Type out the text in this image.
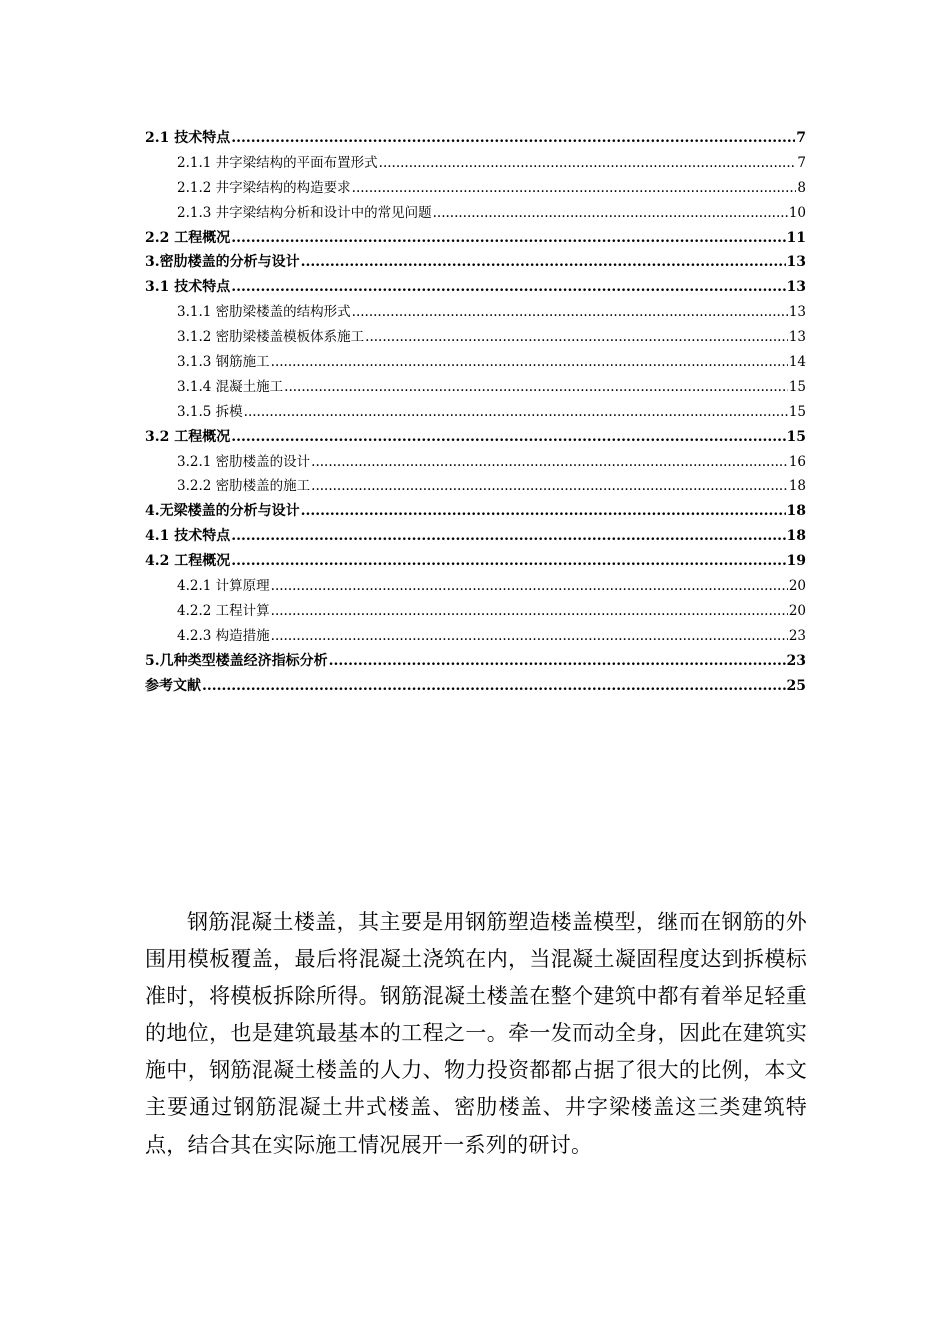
2.1 技术特点 .....	7
2.1.1 井字梁结构的平面布置形式 .....	7
2.1.2 井字梁结构的构造要求 .....	8
2.1.3 井字梁结构分析和设计中的常见问题 .....	10
2.2 工程概况 .....	11
3.密肋楼盖的分析与设计 .....	13
3.1 技术特点 .....	13
3.1.1 密肋梁楼盖的结构形式 .....	13
3.1.2 密肋梁楼盖模板体系施工 .....	13
3.1.3 钢筋施工 .....	14
3.1.4 混凝土施工 .....	15
3.1.5 拆模 .....	15
3.2 工程概况 .....	15
3.2.1 密肋楼盖的设计 .....	16
3.2.2 密肋楼盖的施工 .....	18
4.无梁楼盖的分析与设计 .....	18
4.1 技术特点 .....	18
4.2 工程概况 .....	19
4.2.1 计算原理 .....	20
4.2.2 工程计算 .....	20
4.2.3 构造措施 .....	23
5.几种类型楼盖经济指标分析 .....	23
参考文献 .....	25

钢筋混凝土楼盖，其主要是用钢筋塑造楼盖模型，继而在钢筋的外围用模板覆盖，最后将混凝土浇筑在内，当混凝土凝固程度达到拆模标准时，将模板拆除所得。钢筋混凝土楼盖在整个建筑中都有着举足轻重的地位，也是建筑最基本的工程之一。牵一发而动全身，因此在建筑实施中，钢筋混凝土楼盖的人力、物力投资都都占据了很大的比例，本文主要通过钢筋混凝土井式楼盖、密肋楼盖、井字梁楼盖这三类建筑特点，结合其在实际施工情况展开一系列的研讨。
